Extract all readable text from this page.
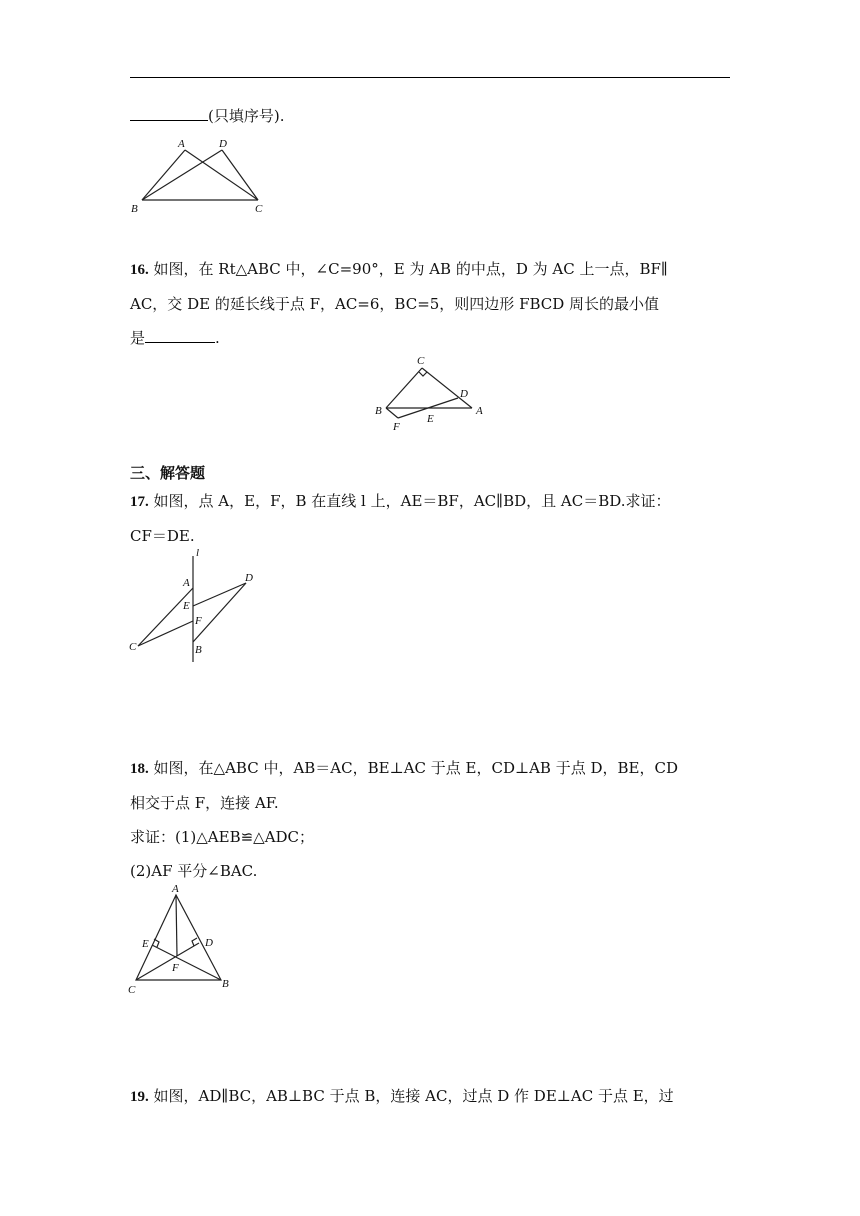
(只填序号).
A	D
B	C
16. 如图，在 Rt△ABC 中，∠C=90°，E 为 AB 的中点，D 为 AC 上一点，BF∥
AC，交 DE 的延长线于点 F，AC=6，BC=5，则四边形 FBCD 周长的最小值
是	.
C
D
B	A
F
E
三、解答题
17. 如图，点 A，E，F，B 在直线 l 上，AE＝BF，AC∥BD，且 AC＝BD.求证：
CF＝DE.
l
A	D
E
F
C	B
18. 如图，在△ABC 中，AB＝AC，BE⊥AC 于点 E，CD⊥AB 于点 D，BE，CD
相交于点 F，连接 AF.
求证：(1)△AEB≌△ADC；
(2)AF 平分∠BAC.
A
E	D
F
C	B
19. 如图，AD∥BC，AB⊥BC 于点 B，连接 AC，过点 D 作 DE⊥AC 于点 E，过
